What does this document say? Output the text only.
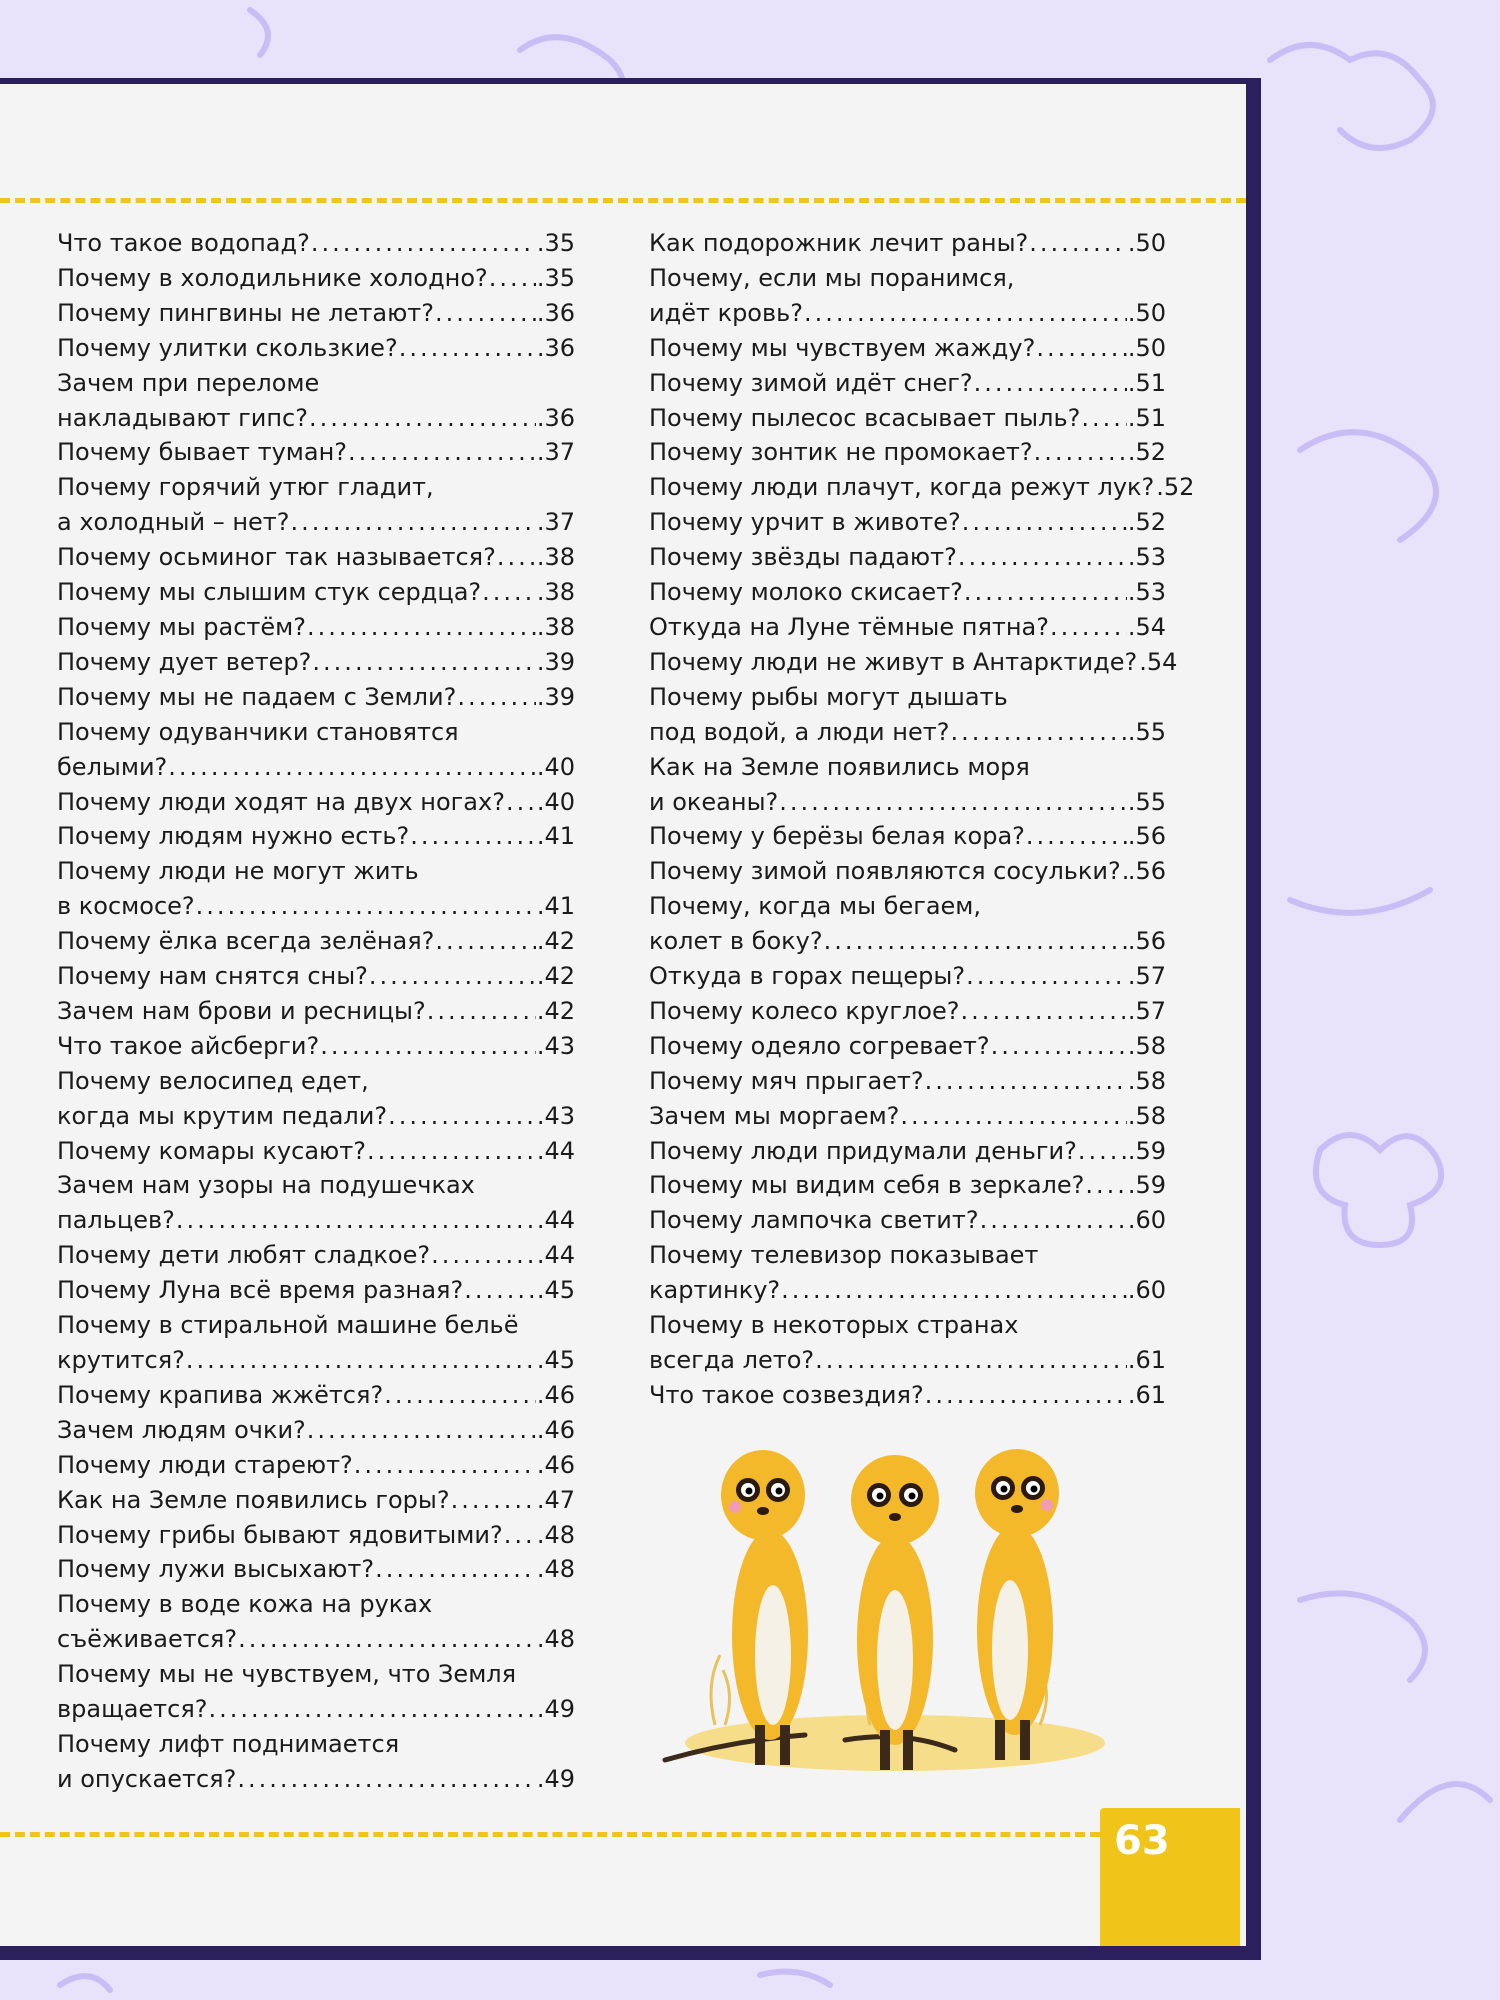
Что такое водопад? .....	.35
Почему в холодильнике холодно? ..... .35
Почему пингвины не летают? .....	.36
Почему улитки скользкие? .....	.36
Зачем при переломе
накладывают гипс? .....	.36
Почему бывает туман? .....	.37
Почему горячий утюг гладит,
а холодный – нет? .....	.37
Почему осьминог так называется? ..... .38
Почему мы слышим стук сердца? ..... .38
Почему мы растём? .....	.38
Почему дует ветер? .....	.39
Почему мы не падаем с Земли? .....	.39
Почему одуванчики становятся
белыми? .....	.40
Почему люди ходят на двух ногах? ..... .40
Почему людям нужно есть? .....	.41
Почему люди не могут жить
в космосе? .....	.41
Почему ёлка всегда зелёная? .....	.42
Почему нам снятся сны? .....	.42
Зачем нам брови и ресницы? .....	.42
Что такое айсберги? .....	.43
Почему велосипед едет,
когда мы крутим педали? .....	.43
Почему комары кусают? .....	.44
Зачем нам узоры на подушечках
пальцев? .....	.44
Почему дети любят сладкое? .....	.44
Почему Луна всё время разная? .....	.45
Почему в стиральной машине бельё
крутится? .....	.45
Почему крапива жжётся? .....	.46
Зачем людям очки? .....	.46
Почему люди стареют? .....	.46
Как на Земле появились горы? .....	.47
Почему грибы бывают ядовитыми? ..... .48
Почему лужи высыхают? .....	.48
Почему в воде кожа на руках
съёживается? .....	.48
Почему мы не чувствуем, что Земля
вращается? .....	.49
Почему лифт поднимается
и опускается? .....	.49
Как подорожник лечит раны? .....	.50
Почему, если мы поранимся,
идёт кровь? .....	.50
Почему мы чувствуем жажду? .....	.50
Почему зимой идёт снег? .....	.51
Почему пылесос всасывает пыль? ..... .51
Почему зонтик не промокает? .....	.52
Почему люди плачут, когда режут лук? .52
Почему урчит в животе? .....	.52
Почему звёзды падают? .....	.53
Почему молоко скисает? .....	.53
Откуда на Луне тёмные пятна? .....	.54
Почему люди не живут в Антарктиде? .54
Почему рыбы могут дышать
под водой, а люди нет? .....	.55
Как на Земле появились моря
и океаны? .....	.55
Почему у берёзы белая кора? .....	.56
Почему зимой появляются сосульки? ..... .56
Почему, когда мы бегаем,
колет в боку? .....	.56
Откуда в горах пещеры? .....	.57
Почему колесо круглое? .....	.57
Почему одеяло согревает? .....	.58
Почему мяч прыгает? .....	.58
Зачем мы моргаем? .....	.58
Почему люди придумали деньги? ..... .59
Почему мы видим себя в зеркале? ..... .59
Почему лампочка светит? .....	.60
Почему телевизор показывает
картинку? .....	.60
Почему в некоторых странах
всегда лето? .....	.61
Что такое созвездия? .....	.61
63
